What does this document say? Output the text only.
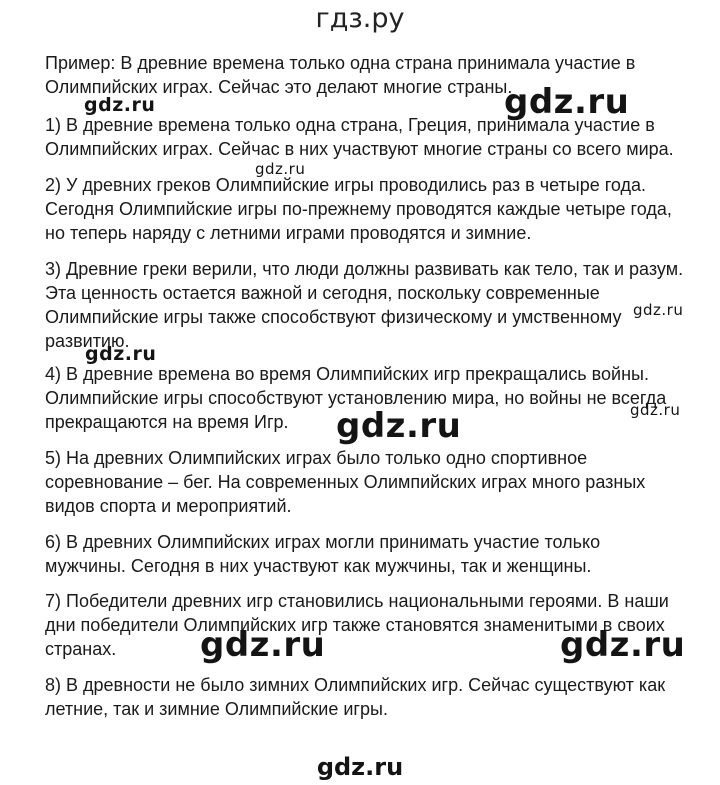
гдз.ру

Пример: В древние времена только одна страна принимала участие в Олимпийских играх. Сейчас это делают многие страны.

1) В древние времена только одна страна, Греция, принимала участие в Олимпийских играх. Сейчас в них участвуют многие страны со всего мира.

2) У древних греков Олимпийские игры проводились раз в четыре года. Сегодня Олимпийские игры по-прежнему проводятся каждые четыре года, но теперь наряду с летними играми проводятся и зимние.

3) Древние греки верили, что люди должны развивать как тело, так и разум. Эта ценность остается важной и сегодня, поскольку современные Олимпийские игры также способствуют физическому и умственному развитию.

4) В древние времена во время Олимпийских игр прекращались войны. Олимпийские игры способствуют установлению мира, но войны не всегда прекращаются на время Игр.

5) На древних Олимпийских играх было только одно спортивное соревнование – бег. На современных Олимпийских играх много разных видов спорта и мероприятий.

6) В древних Олимпийских играх могли принимать участие только мужчины. Сегодня в них участвуют как мужчины, так и женщины.

7) Победители древних игр становились национальными героями. В наши дни победители Олимпийских игр также становятся знаменитыми в своих странах.

8) В древности не было зимних Олимпийских игр. Сейчас существуют как летние, так и зимние Олимпийские игры.

gdz.ru	gdz.ru
gdz.ru
gdz.ru
gdz.ru
gdz.ru	gdz.ru
gdz.ru	gdz.ru
gdz.ru
